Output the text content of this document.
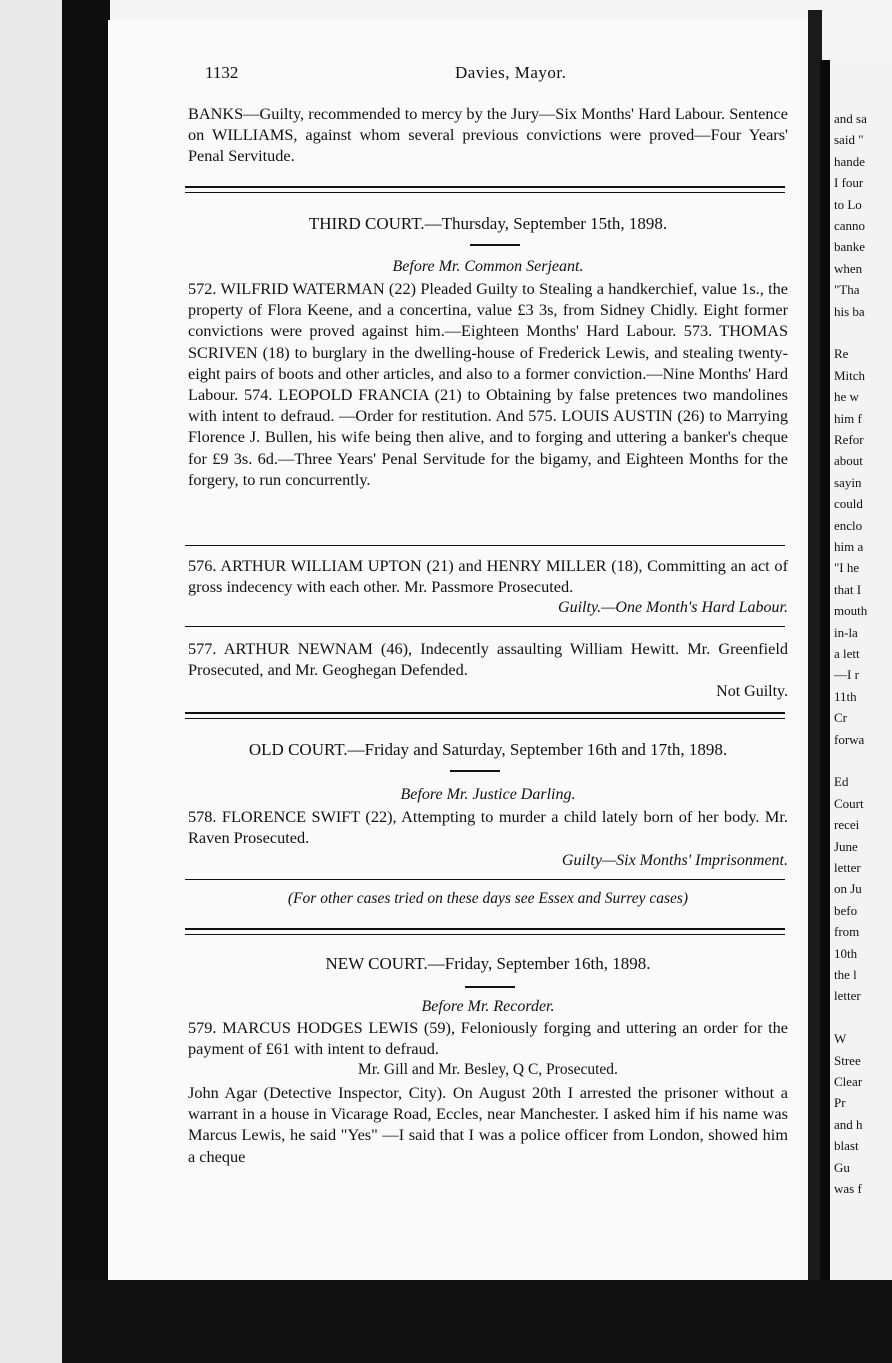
1132	Davies, Mayor.
BANKS—Guilty, recommended to mercy by the Jury—Six Months' Hard Labour. Sentence on WILLIAMS, against whom several previous convictions were proved—Four Years' Penal Servitude.
THIRD COURT.—Thursday, September 15th, 1898.
Before Mr. Common Serjeant.
572. WILFRID WATERMAN (22) Pleaded Guilty to Stealing a handkerchief, value 1s., the property of Flora Keene, and a concertina, value £3 3s, from Sidney Chidly. Eight former convictions were proved against him.—Eighteen Months' Hard Labour. 573. THOMAS SCRIVEN (18) to burglary in the dwelling-house of Frederick Lewis, and stealing twenty-eight pairs of boots and other articles, and also to a former conviction.—Nine Months' Hard Labour. 574. LEOPOLD FRANCIA (21) to Obtaining by false pretences two mandolines with intent to defraud. —Order for restitution. And 575. LOUIS AUSTIN (26) to Marrying Florence J. Bullen, his wife being then alive, and to forging and uttering a banker's cheque for £9 3s. 6d.—Three Years' Penal Servitude for the bigamy, and Eighteen Months for the forgery, to run concurrently.
576. ARTHUR WILLIAM UPTON (21) and HENRY MILLER (18), Committing an act of gross indecency with each other. Mr. Passmore Prosecuted.
Guilty.—One Month's Hard Labour.
577. ARTHUR NEWNAM (46), Indecently assaulting William Hewitt. Mr. Greenfield Prosecuted, and Mr. Geoghegan Defended.
Not Guilty.
OLD COURT.—Friday and Saturday, September 16th and 17th, 1898.
Before Mr. Justice Darling.
578. FLORENCE SWIFT (22), Attempting to murder a child lately born of her body. Mr. Raven Prosecuted.
Guilty—Six Months' Imprisonment.
(For other cases tried on these days see Essex and Surrey cases)
NEW COURT.—Friday, September 16th, 1898.
Before Mr. Recorder.
579. MARCUS HODGES LEWIS (59), Feloniously forging and uttering an order for the payment of £61 with intent to defraud.
Mr. Gill and Mr. Besley, Q C, Prosecuted.
John Agar (Detective Inspector, City). On August 20th I arrested the prisoner without a warrant in a house in Vicarage Road, Eccles, near Manchester. I asked him if his name was Marcus Lewis, he said "Yes" —I said that I was a police officer from London, showed him a cheque
and sa
said "
hande
I four
to Lo
canno
banke
when
"Tha
his ba
Re
Mitch
he w
him f
Refor
about
sayin
could
enclo
him a
"I he
that I
mouth
in-la
a lett
—I r
11th
Cr
forwa
Ed
Court
recei
June
letter
on Ju
befo
from
10th
the l
letter
W
Stree
Clear
Pr
and h
blast
Gu
was f
